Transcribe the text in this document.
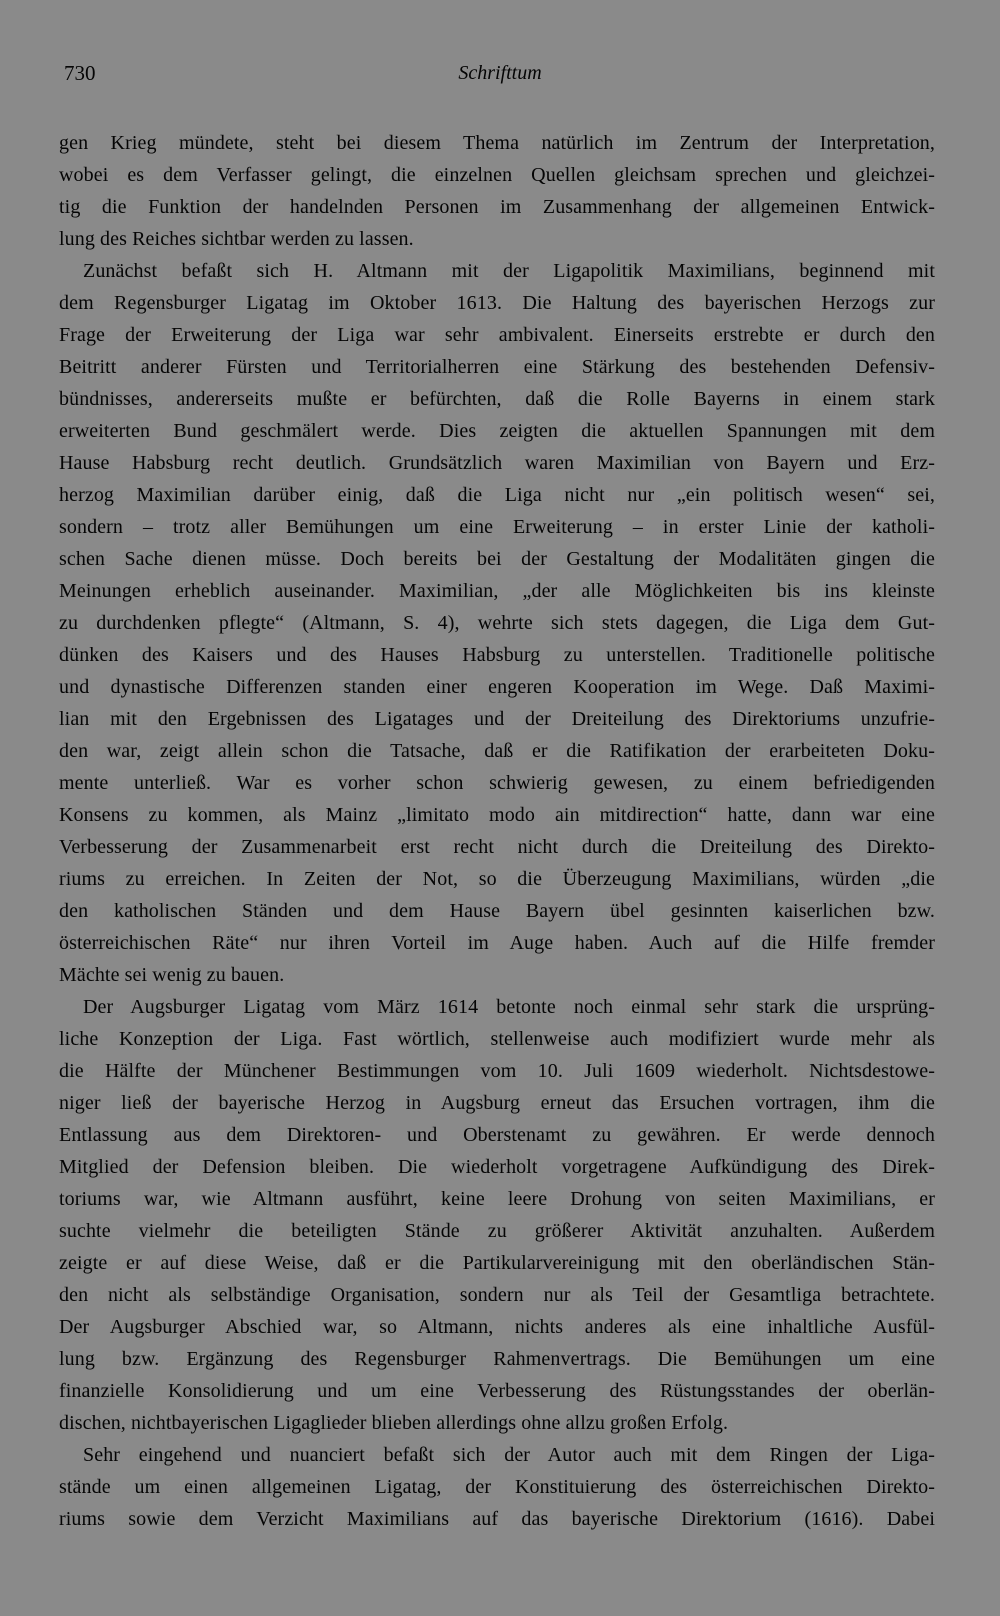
730	Schrifttum
gen Krieg mündete, steht bei diesem Thema natürlich im Zentrum der Interpretation,
wobei es dem Verfasser gelingt, die einzelnen Quellen gleichsam sprechen und gleichzei-
tig die Funktion der handelnden Personen im Zusammenhang der allgemeinen Entwick-
lung des Reiches sichtbar werden zu lassen.
Zunächst befaßt sich H. Altmann mit der Ligapolitik Maximilians, beginnend mit
dem Regensburger Ligatag im Oktober 1613. Die Haltung des bayerischen Herzogs zur
Frage der Erweiterung der Liga war sehr ambivalent. Einerseits erstrebte er durch den
Beitritt anderer Fürsten und Territorialherren eine Stärkung des bestehenden Defensiv-
bündnisses, andererseits mußte er befürchten, daß die Rolle Bayerns in einem stark
erweiterten Bund geschmälert werde. Dies zeigten die aktuellen Spannungen mit dem
Hause Habsburg recht deutlich. Grundsätzlich waren Maximilian von Bayern und Erz-
herzog Maximilian darüber einig, daß die Liga nicht nur „ein politisch wesen“ sei,
sondern – trotz aller Bemühungen um eine Erweiterung – in erster Linie der katholi-
schen Sache dienen müsse. Doch bereits bei der Gestaltung der Modalitäten gingen die
Meinungen erheblich auseinander. Maximilian, „der alle Möglichkeiten bis ins kleinste
zu durchdenken pflegte“ (Altmann, S. 4), wehrte sich stets dagegen, die Liga dem Gut-
dünken des Kaisers und des Hauses Habsburg zu unterstellen. Traditionelle politische
und dynastische Differenzen standen einer engeren Kooperation im Wege. Daß Maximi-
lian mit den Ergebnissen des Ligatages und der Dreiteilung des Direktoriums unzufrie-
den war, zeigt allein schon die Tatsache, daß er die Ratifikation der erarbeiteten Doku-
mente unterließ. War es vorher schon schwierig gewesen, zu einem befriedigenden
Konsens zu kommen, als Mainz „limitato modo ain mitdirection“ hatte, dann war eine
Verbesserung der Zusammenarbeit erst recht nicht durch die Dreiteilung des Direkto-
riums zu erreichen. In Zeiten der Not, so die Überzeugung Maximilians, würden „die
den katholischen Ständen und dem Hause Bayern übel gesinnten kaiserlichen bzw.
österreichischen Räte“ nur ihren Vorteil im Auge haben. Auch auf die Hilfe fremder
Mächte sei wenig zu bauen.
Der Augsburger Ligatag vom März 1614 betonte noch einmal sehr stark die ursprüng-
liche Konzeption der Liga. Fast wörtlich, stellenweise auch modifiziert wurde mehr als
die Hälfte der Münchener Bestimmungen vom 10. Juli 1609 wiederholt. Nichtsdestowe-
niger ließ der bayerische Herzog in Augsburg erneut das Ersuchen vortragen, ihm die
Entlassung aus dem Direktoren- und Oberstenamt zu gewähren. Er werde dennoch
Mitglied der Defension bleiben. Die wiederholt vorgetragene Aufkündigung des Direk-
toriums war, wie Altmann ausführt, keine leere Drohung von seiten Maximilians, er
suchte vielmehr die beteiligten Stände zu größerer Aktivität anzuhalten. Außerdem
zeigte er auf diese Weise, daß er die Partikularvereinigung mit den oberländischen Stän-
den nicht als selbständige Organisation, sondern nur als Teil der Gesamtliga betrachtete.
Der Augsburger Abschied war, so Altmann, nichts anderes als eine inhaltliche Ausfül-
lung bzw. Ergänzung des Regensburger Rahmenvertrags. Die Bemühungen um eine
finanzielle Konsolidierung und um eine Verbesserung des Rüstungsstandes der oberlän-
dischen, nichtbayerischen Ligaglieder blieben allerdings ohne allzu großen Erfolg.
Sehr eingehend und nuanciert befaßt sich der Autor auch mit dem Ringen der Liga-
stände um einen allgemeinen Ligatag, der Konstituierung des österreichischen Direkto-
riums sowie dem Verzicht Maximilians auf das bayerische Direktorium (1616). Dabei
